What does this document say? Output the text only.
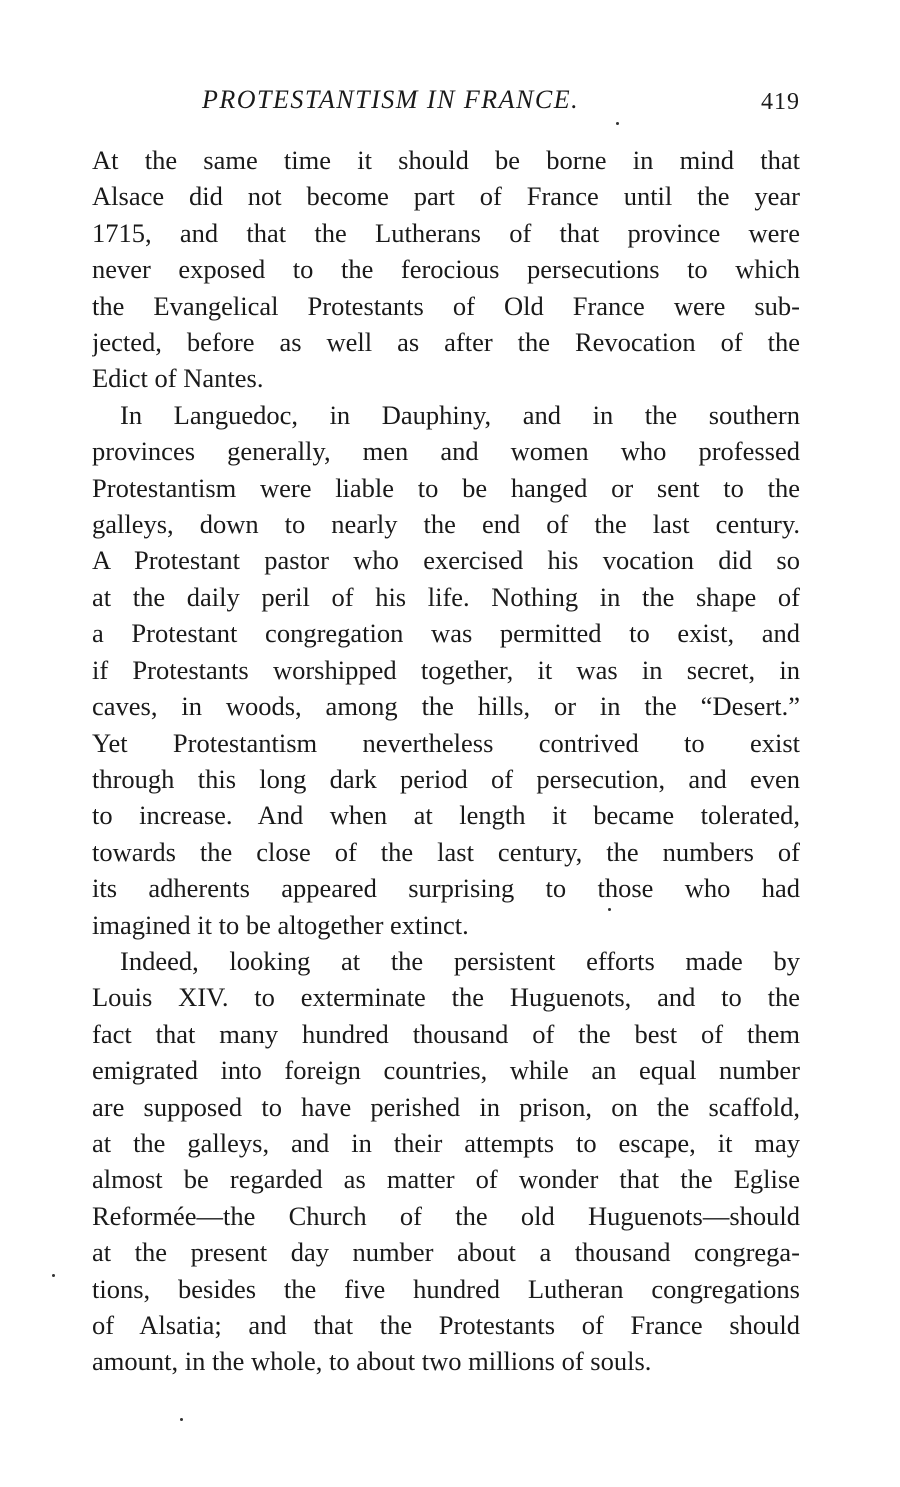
PROTESTANTISM IN FRANCE.	419

At the same time it should be borne in mind that
Alsace did not become part of France until the year
1715, and that the Lutherans of that province were
never exposed to the ferocious persecutions to which
the Evangelical Protestants of Old France were sub-
jected, before as well as after the Revocation of the
Edict of Nantes.

In Languedoc, in Dauphiny, and in the southern
provinces generally, men and women who professed
Protestantism were liable to be hanged or sent to the
galleys, down to nearly the end of the last century.
A Protestant pastor who exercised his vocation did so
at the daily peril of his life. Nothing in the shape of
a Protestant congregation was permitted to exist, and
if Protestants worshipped together, it was in secret, in
caves, in woods, among the hills, or in the “Desert.”
Yet Protestantism nevertheless contrived to exist
through this long dark period of persecution, and even
to increase. And when at length it became tolerated,
towards the close of the last century, the numbers of
its adherents appeared surprising to those who had
imagined it to be altogether extinct.

Indeed, looking at the persistent efforts made by
Louis XIV. to exterminate the Huguenots, and to the
fact that many hundred thousand of the best of them
emigrated into foreign countries, while an equal number
are supposed to have perished in prison, on the scaffold,
at the galleys, and in their attempts to escape, it may
almost be regarded as matter of wonder that the Eglise
Reformée—the Church of the old Huguenots—should
at the present day number about a thousand congrega-
tions, besides the five hundred Lutheran congregations
of Alsatia; and that the Protestants of France should
amount, in the whole, to about two millions of souls.
